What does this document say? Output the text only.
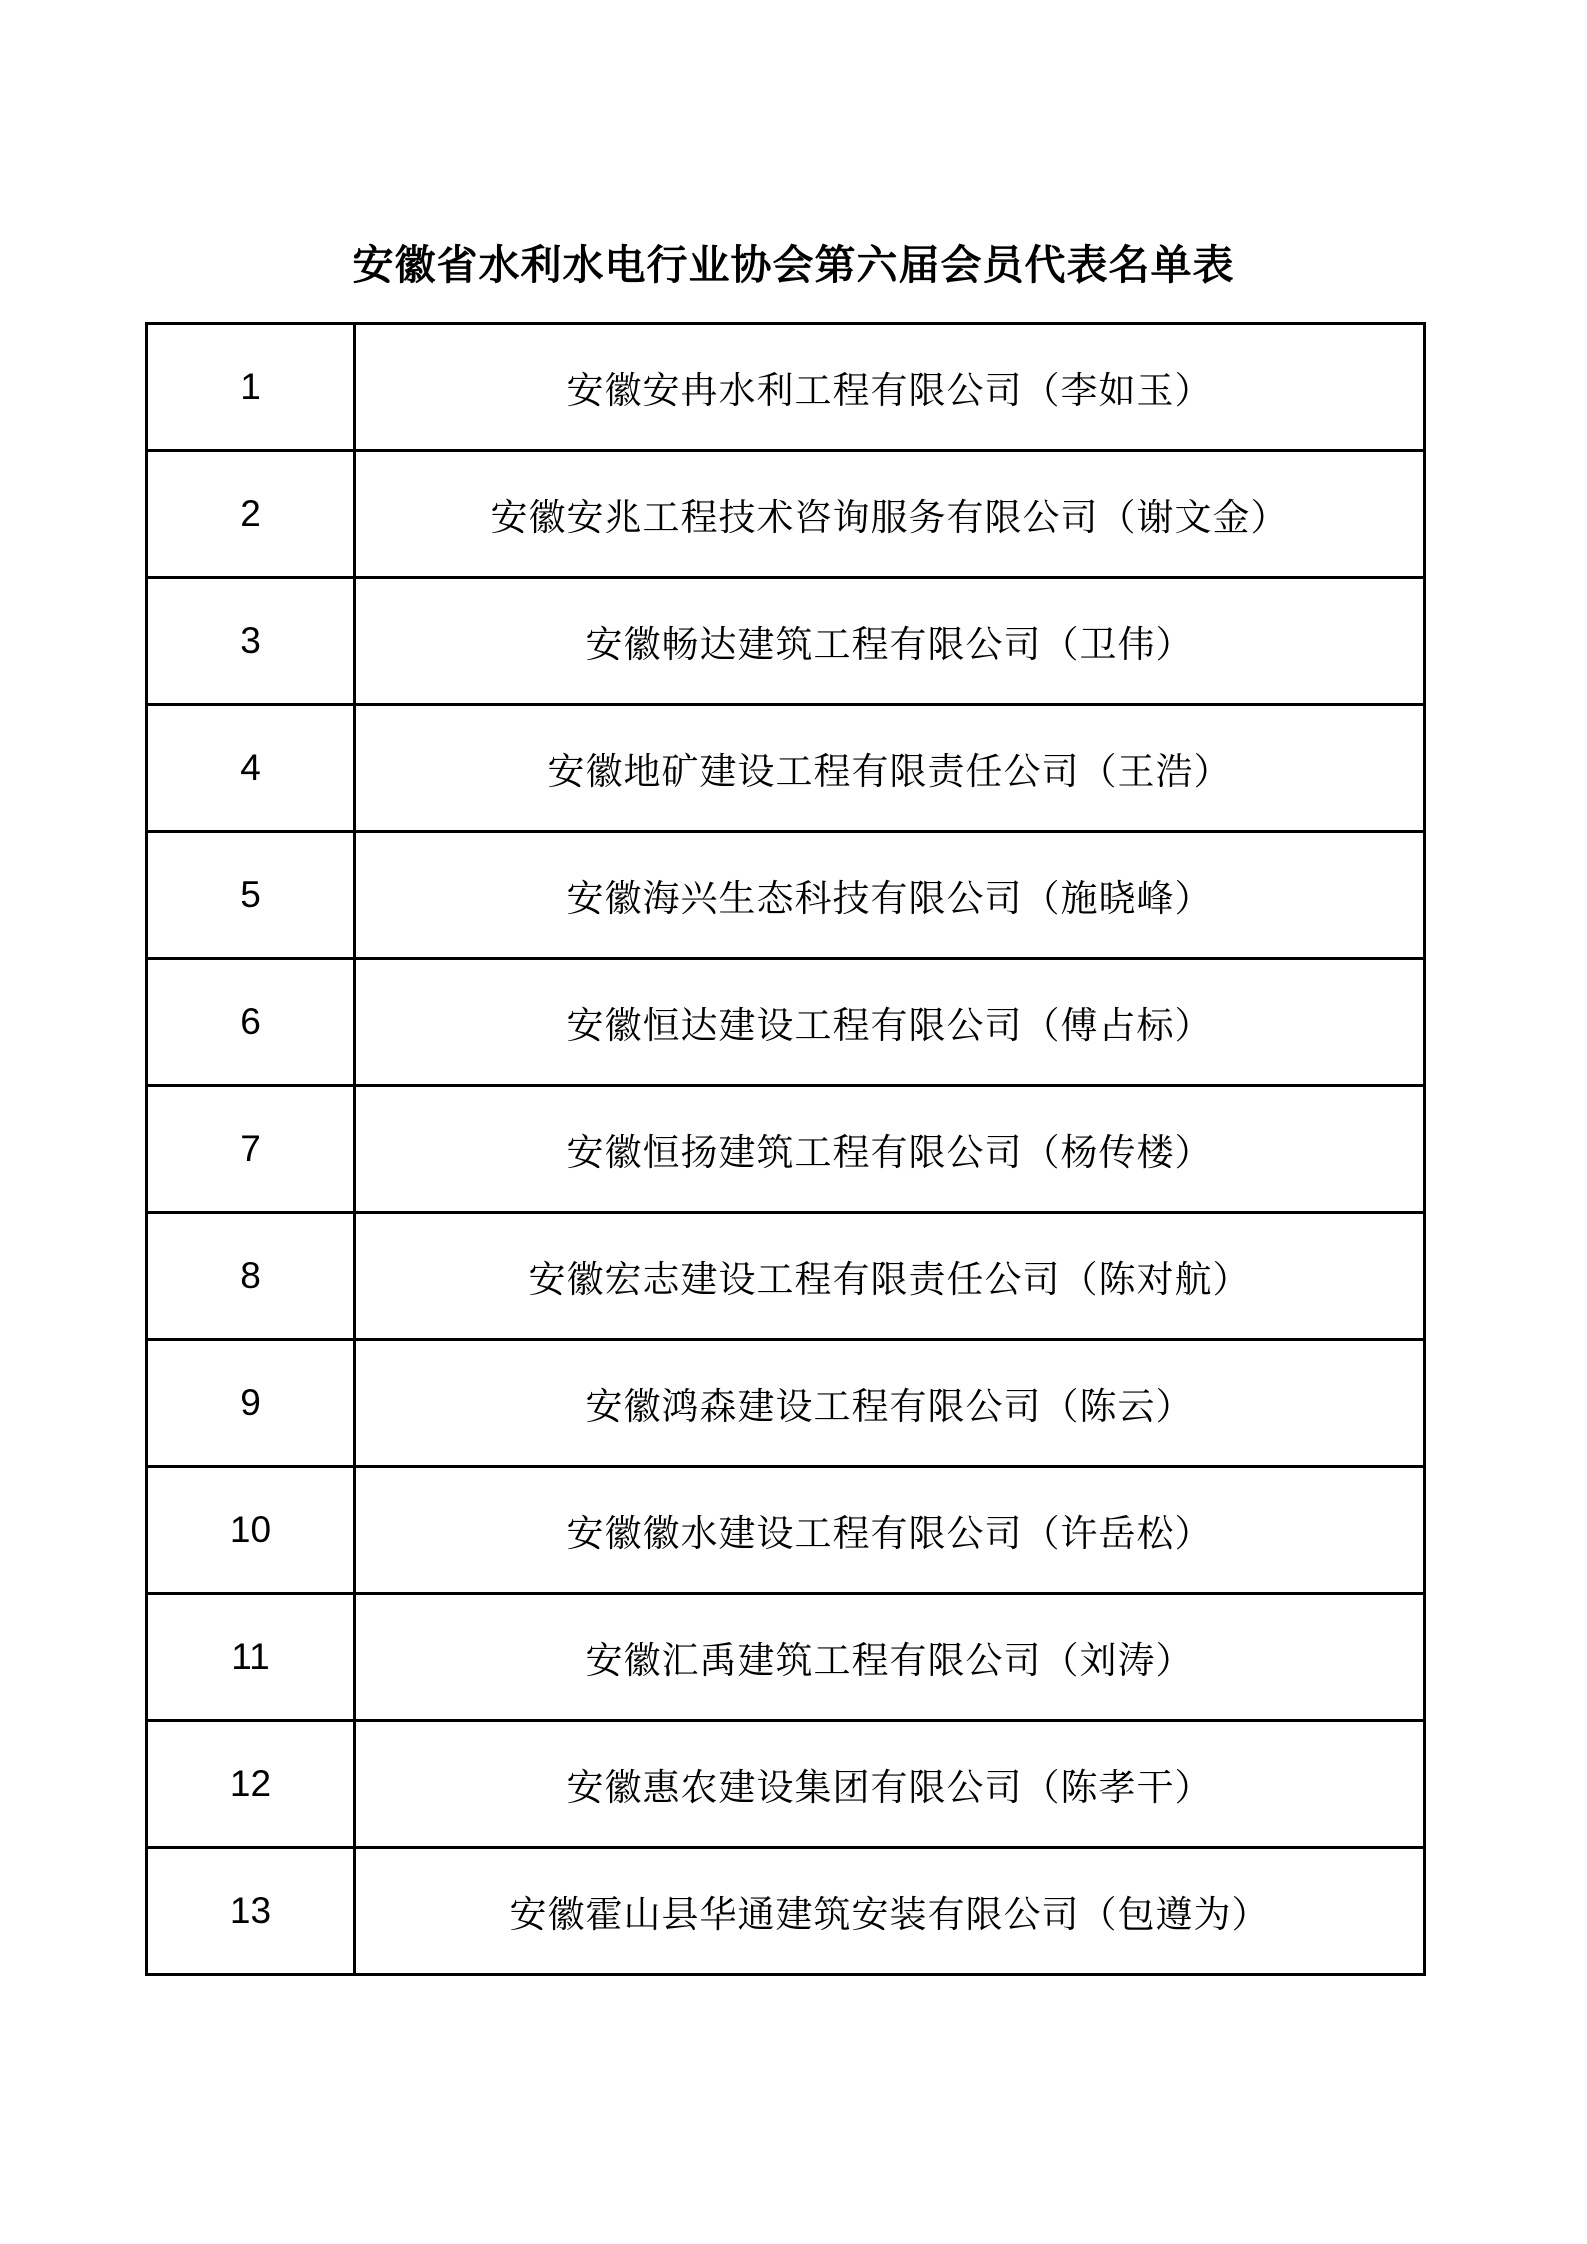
安徽省水利水电行业协会第六届会员代表名单表
1	安徽安冉水利工程有限公司（李如玉）
2	安徽安兆工程技术咨询服务有限公司（谢文金）
3	安徽畅达建筑工程有限公司（卫伟）
4	安徽地矿建设工程有限责任公司（王浩）
5	安徽海兴生态科技有限公司（施晓峰）
6	安徽恒达建设工程有限公司（傅占标）
7	安徽恒扬建筑工程有限公司（杨传楼）
8	安徽宏志建设工程有限责任公司（陈对航）
9	安徽鸿森建设工程有限公司（陈云）
10	安徽徽水建设工程有限公司（许岳松）
11	安徽汇禹建筑工程有限公司（刘涛）
12	安徽惠农建设集团有限公司（陈孝干）
13	安徽霍山县华通建筑安装有限公司（包遵为）
